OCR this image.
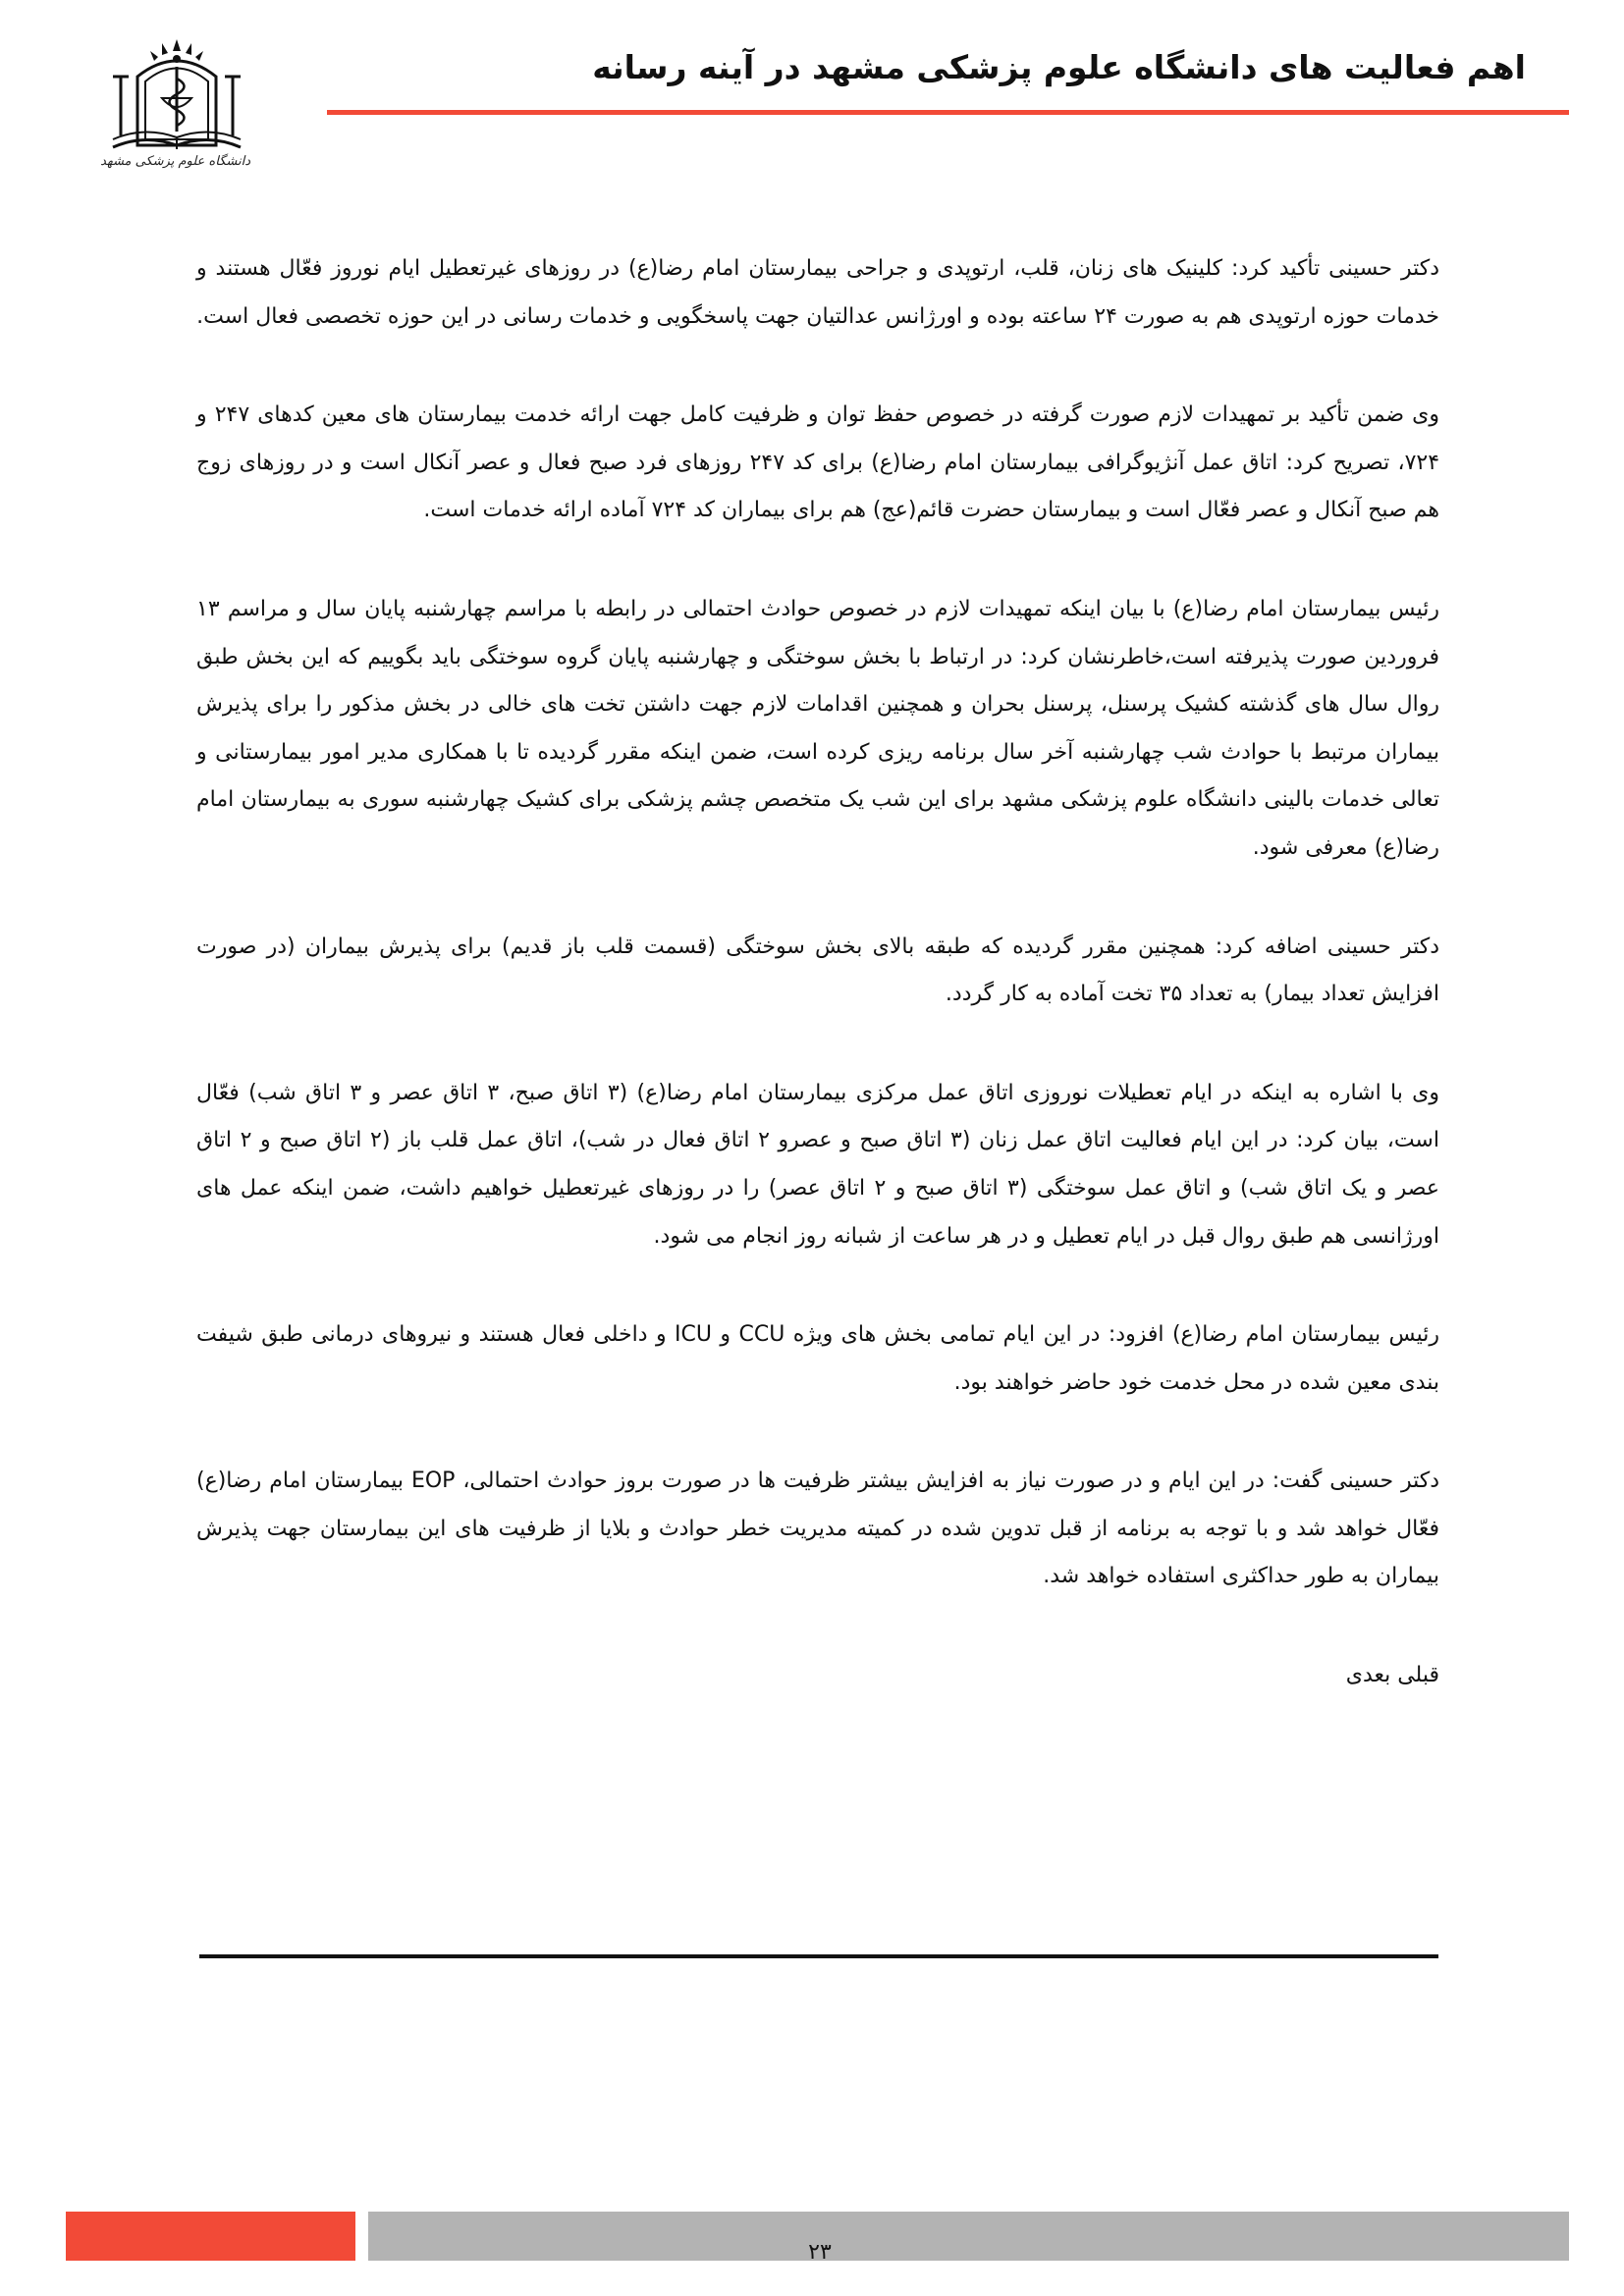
اهم فعالیت های دانشگاه علوم پزشکی مشهد در آینه رسانه
دانشگاه علوم پزشکی مشهد

دکتر حسینی تأکید کرد: کلینیک های زنان، قلب، ارتوپدی و جراحی بیمارستان امام رضا(ع) در روزهای غیرتعطیل ایام نوروز فعّال هستند و خدمات حوزه ارتوپدی هم به صورت ۲۴ ساعته بوده و اورژانس عدالتیان جهت پاسخگویی و خدمات رسانی در این حوزه تخصصی فعال است.

وی ضمن تأکید بر تمهیدات لازم صورت گرفته در خصوص حفظ توان و ظرفیت کامل جهت ارائه خدمت بیمارستان های معین کدهای ۲۴۷ و ۷۲۴، تصریح کرد: اتاق عمل آنژیوگرافی بیمارستان امام رضا(ع) برای کد ۲۴۷ روزهای فرد صبح فعال و عصر آنکال است و در روزهای زوج هم صبح آنکال و عصر فعّال است و بیمارستان حضرت قائم(عج) هم برای بیماران کد ۷۲۴ آماده ارائه خدمات است.

رئیس بیمارستان امام رضا(ع) با بیان اینکه تمهیدات لازم در خصوص حوادث احتمالی در رابطه با مراسم چهارشنبه پایان سال و مراسم ۱۳ فروردین صورت پذیرفته است،خاطرنشان کرد: در ارتباط با بخش سوختگی و چهارشنبه پایان گروه سوختگی باید بگوییم که این بخش طبق روال سال های گذشته کشیک پرسنل، پرسنل بحران و همچنین اقدامات لازم جهت داشتن تخت های خالی در بخش مذکور را برای پذیرش بیماران مرتبط با حوادث شب چهارشنبه آخر سال برنامه ریزی کرده است، ضمن اینکه مقرر گردیده تا با همکاری مدیر امور بیمارستانی و تعالی خدمات بالینی دانشگاه علوم پزشکی مشهد برای این شب یک متخصص چشم پزشکی برای کشیک چهارشنبه سوری به بیمارستان امام رضا(ع) معرفی شود.

دکتر حسینی اضافه کرد: همچنین مقرر گردیده که طبقه بالای بخش سوختگی (قسمت قلب باز قدیم) برای پذیرش بیماران (در صورت افزایش تعداد بیمار) به تعداد ۳۵ تخت آماده به کار گردد.

وی با اشاره به اینکه در ایام تعطیلات نوروزی اتاق عمل مرکزی بیمارستان امام رضا(ع) (۳ اتاق صبح، ۳ اتاق عصر و ۳ اتاق شب) فعّال است، بیان کرد: در این ایام فعالیت اتاق عمل زنان (۳ اتاق صبح و عصرو ۲ اتاق فعال در شب)، اتاق عمل قلب باز (۲ اتاق صبح و ۲ اتاق عصر و یک اتاق شب) و اتاق عمل سوختگی (۳ اتاق صبح و ۲ اتاق عصر) را در روزهای غیرتعطیل خواهیم داشت، ضمن اینکه عمل های اورژانسی هم طبق روال قبل در ایام تعطیل و در هر ساعت از شبانه روز انجام می شود.

رئیس بیمارستان امام رضا(ع) افزود: در این ایام تمامی بخش های ویژه CCU و ICU و داخلی فعال هستند و نیروهای درمانی طبق شیفت بندی معین شده در محل خدمت خود حاضر خواهند بود.

دکتر حسینی گفت: در این ایام و در صورت نیاز به افزایش بیشتر ظرفیت ها در صورت بروز حوادث احتمالی، EOP بیمارستان امام رضا(ع) فعّال خواهد شد و با توجه به برنامه از قبل تدوین شده در کمیته مدیریت خطر حوادث و بلایا از ظرفیت های این بیمارستان جهت پذیرش بیماران به طور حداکثری استفاده خواهد شد.

قبلی بعدی

۲۳
